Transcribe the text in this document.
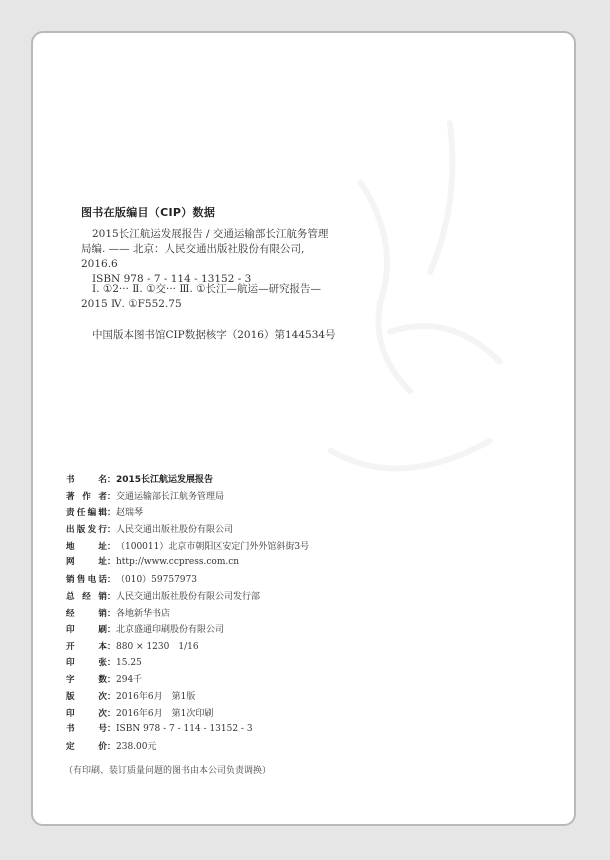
图书在版编目（CIP）数据

2015长江航运发展报告 / 交通运输部长江航务管理局编. —— 北京：人民交通出版社股份有限公司, 2016.6

ISBN 978 - 7 - 114 - 13152 - 3

Ⅰ. ①2··· Ⅱ. ①交··· Ⅲ. ①长江—航运—研究报告—2015 Ⅳ. ①F552.75

中国版本图书馆CIP数据核字（2016）第144534号

书名 ： 2015长江航运发展报告
著作者 ： 交通运输部长江航务管理局
责任编辑 ： 赵瑞琴
出版发行 ： 人民交通出版社股份有限公司
地址 ： （100011）北京市朝阳区安定门外外馆斜街3号
网址 ： http://www.ccpress.com.cn
销售电话 ： （010）59757973
总经销 ： 人民交通出版社股份有限公司发行部
经销 ： 各地新华书店
印刷 ： 北京盛通印刷股份有限公司
开本 ： 880 × 1230　1/16
印张 ： 15.25
字数 ： 294千
版次 ： 2016年6月　第1版
印次 ： 2016年6月　第1次印刷
书号 ： ISBN 978 - 7 - 114 - 13152 - 3
定价 ： 238.00元
（有印刷、装订质量问题的图书由本公司负责调换）
